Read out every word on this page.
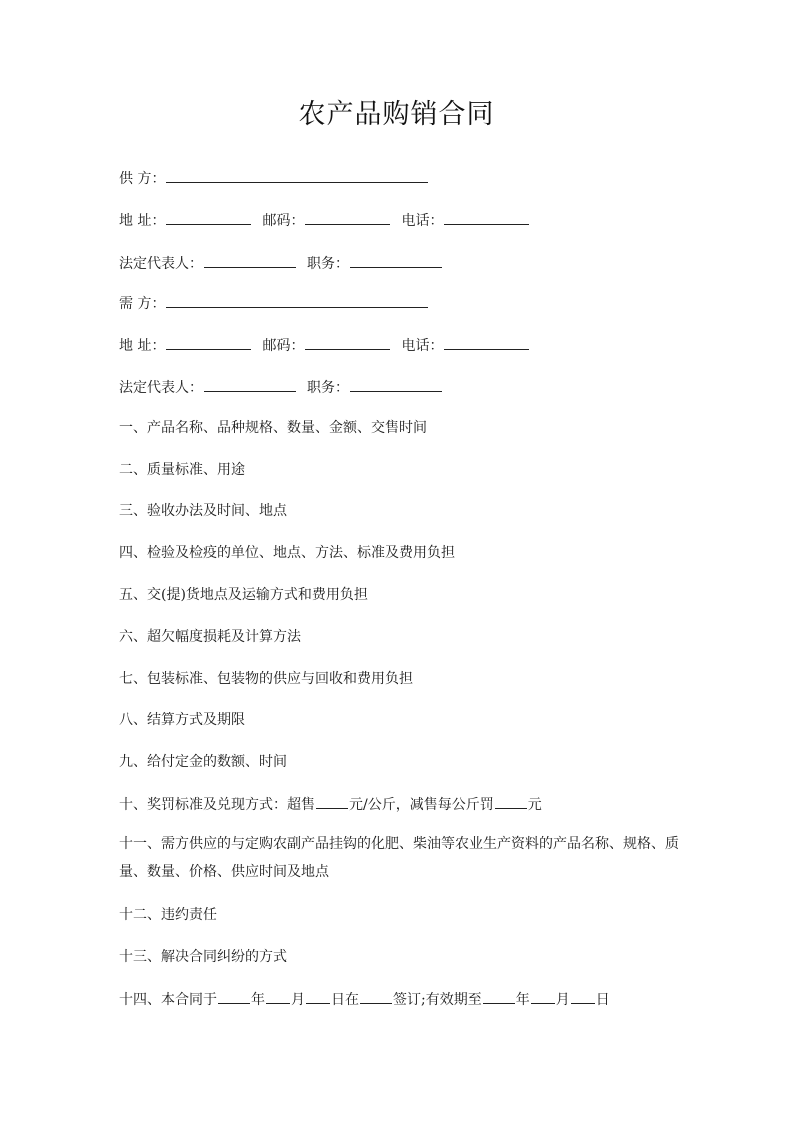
农产品购销合同
供 方：
地 址：	邮码：	电话：
法定代表人：	职务：
需 方：
地 址：	邮码：	电话：
法定代表人：	职务：
一、产品名称、品种规格、数量、金额、交售时间
二、质量标准、用途
三、验收办法及时间、地点
四、检验及检疫的单位、地点、方法、标准及费用负担
五、交(提)货地点及运输方式和费用负担
六、超欠幅度损耗及计算方法
七、包装标准、包装物的供应与回收和费用负担
八、结算方式及期限
九、给付定金的数额、时间
十、奖罚标准及兑现方式：超售 元/公斤，减售每公斤罚 元
十一、需方供应的与定购农副产品挂钩的化肥、柴油等农业生产资料的产品名称、规格、质量、数量、价格、供应时间及地点
十二、违约责任
十三、解决合同纠纷的方式
十四、本合同于 年 月 日在 签订;有效期至 年 月 日
